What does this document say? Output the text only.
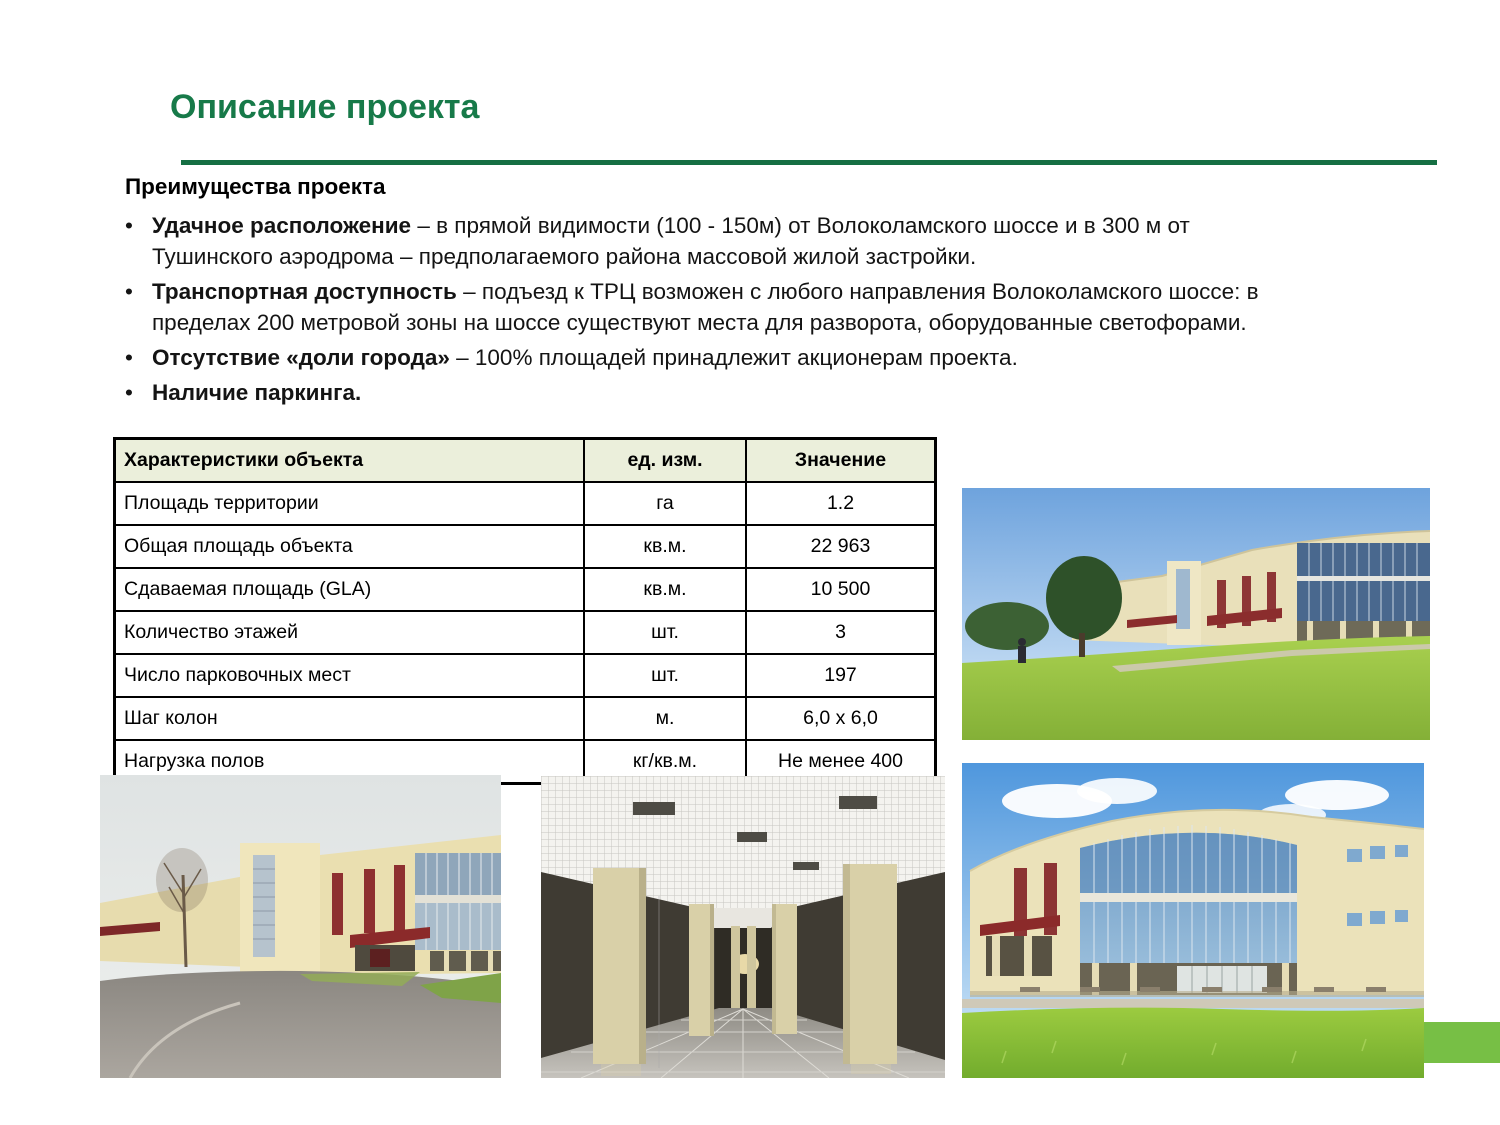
Описание проекта
Преимущества проекта
• Удачное расположение – в прямой видимости (100 - 150м) от Волоколамского шоссе и в 300 м от Тушинского аэродрома – предполагаемого района массовой жилой застройки.
• Транспортная доступность – подъезд к ТРЦ возможен с любого направления Волоколамского шоссе: в пределах 200 метровой зоны на шоссе существуют места для разворота, оборудованные светофорами.
• Отсутствие «доли города» – 100% площадей принадлежит акционерам проекта.
• Наличие паркинга.
Характеристики объекта	ед. изм.	Значение
Площадь территории	га	1.2
Общая площадь объекта	кв.м.	22 963
Сдаваемая площадь (GLA)	кв.м.	10 500
Количество этажей	шт.	3
Число парковочных мест	шт.	197
Шаг колон	м.	6,0 x 6,0
Нагрузка полов	кг/кв.м.	Не менее 400
